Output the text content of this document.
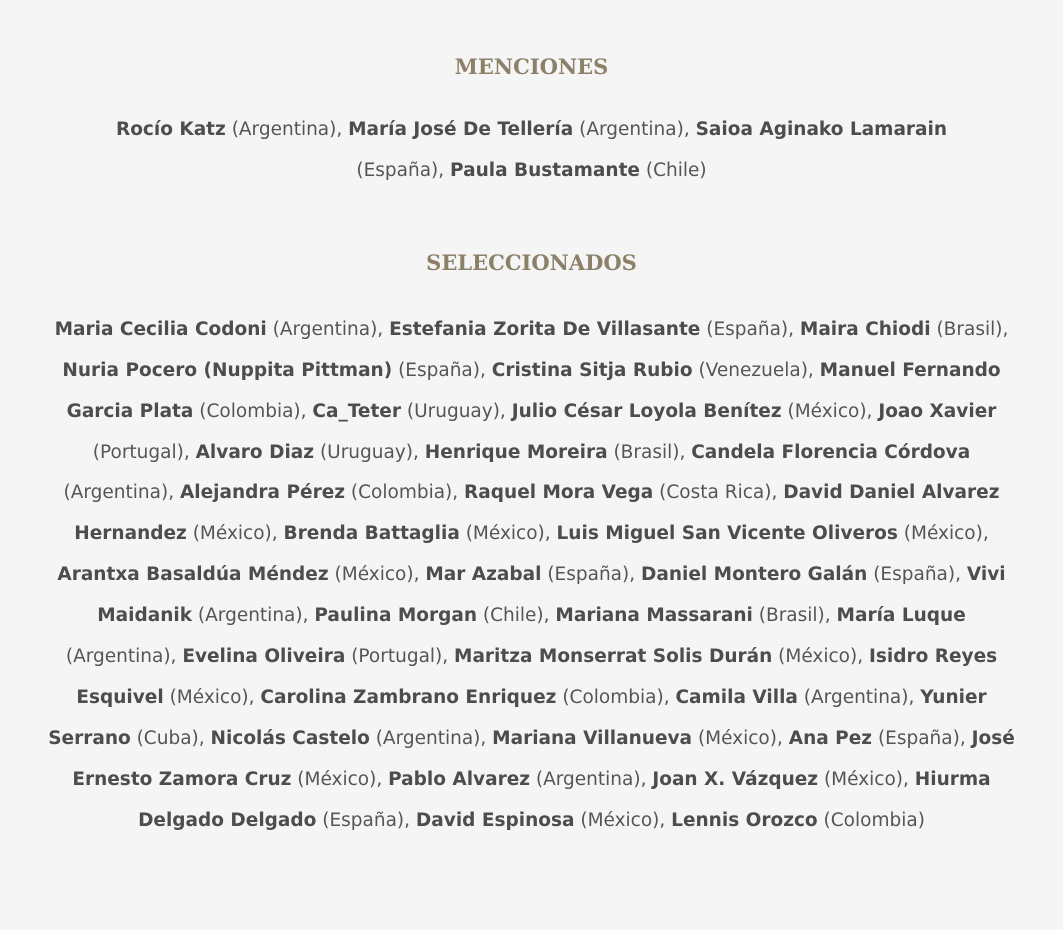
MENCIONES

Rocío Katz (Argentina), María José De Tellería (Argentina), Saioa Aginako Lamarain (España), Paula Bustamante (Chile)

SELECCIONADOS

Maria Cecilia Codoni (Argentina), Estefania Zorita De Villasante (España), Maira Chiodi (Brasil), Nuria Pocero (Nuppita Pittman) (España), Cristina Sitja Rubio (Venezuela), Manuel Fernando Garcia Plata (Colombia), Ca_Teter (Uruguay), Julio César Loyola Benítez (México), Joao Xavier (Portugal), Alvaro Diaz (Uruguay), Henrique Moreira (Brasil), Candela Florencia Córdova (Argentina), Alejandra Pérez (Colombia), Raquel Mora Vega (Costa Rica), David Daniel Alvarez Hernandez (México), Brenda Battaglia (México), Luis Miguel San Vicente Oliveros (México), Arantxa Basaldúa Méndez (México), Mar Azabal (España), Daniel Montero Galán (España), Vivi Maidanik (Argentina), Paulina Morgan (Chile), Mariana Massarani (Brasil), María Luque (Argentina), Evelina Oliveira (Portugal), Maritza Monserrat Solis Durán (México), Isidro Reyes Esquivel (México), Carolina Zambrano Enriquez (Colombia), Camila Villa (Argentina), Yunier Serrano (Cuba), Nicolás Castelo (Argentina), Mariana Villanueva (México), Ana Pez (España), José Ernesto Zamora Cruz (México), Pablo Alvarez (Argentina), Joan X. Vázquez (México), Hiurma Delgado Delgado (España), David Espinosa (México), Lennis Orozco (Colombia)
